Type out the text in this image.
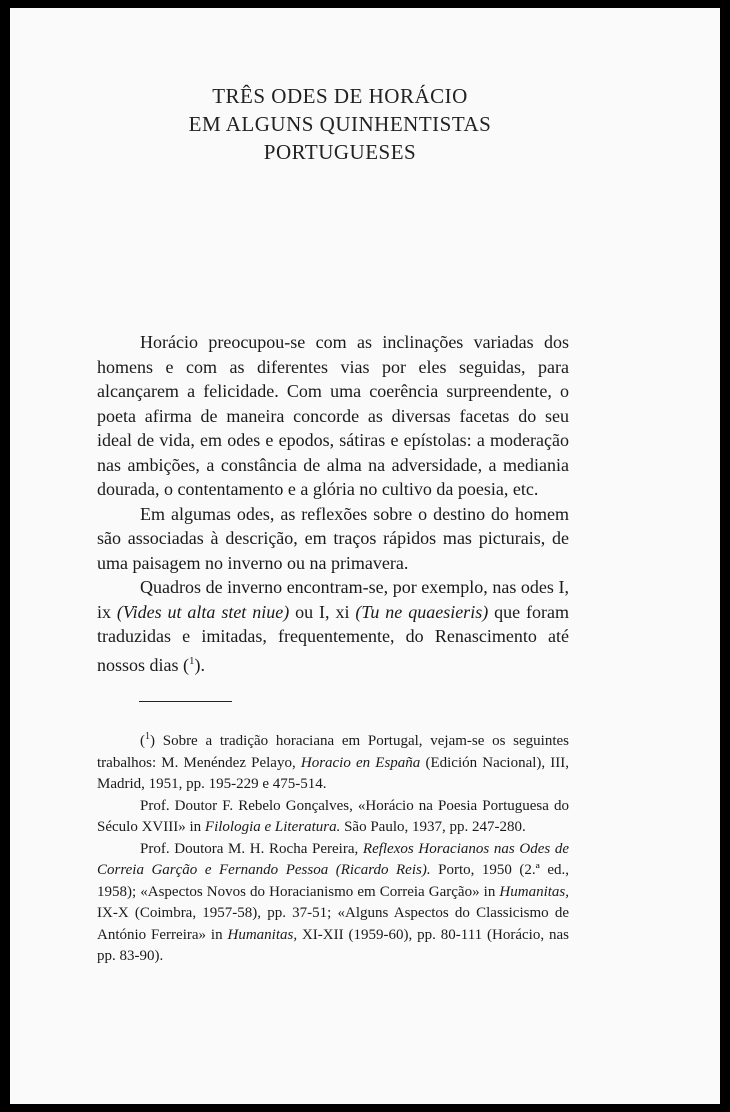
TRÊS ODES DE HORÁCIO
EM ALGUNS QUINHENTISTAS
PORTUGUESES

Horácio preocupou-se com as inclinações variadas dos homens e com as diferentes vias por eles seguidas, para alcançarem a felicidade. Com uma coerência surpreendente, o poeta afirma de maneira concorde as diversas facetas do seu ideal de vida, em odes e epodos, sátiras e epístolas: a moderação nas ambições, a constância de alma na adversidade, a mediania dourada, o contentamento e a glória no cultivo da poesia, etc.

Em algumas odes, as reflexões sobre o destino do homem são associadas à descrição, em traços rápidos mas picturais, de uma paisagem no inverno ou na primavera.

Quadros de inverno encontram-se, por exemplo, nas odes I, ix (Vides ut alta stet niue) ou I, xi (Tu ne quaesieris) que foram traduzidas e imitadas, frequentemente, do Renascimento até nossos dias ($^1$).

($^1$) Sobre a tradição horaciana em Portugal, vejam-se os seguintes trabalhos: M. Menéndez Pelayo, Horacio en España (Edición Nacional), III, Madrid, 1951, pp. 195-229 e 475-514.

Prof. Doutor F. Rebelo Gonçalves, «Horácio na Poesia Portuguesa do Século XVIII» in Filologia e Literatura. São Paulo, 1937, pp. 247-280.

Prof. Doutora M. H. Rocha Pereira, Reflexos Horacianos nas Odes de Correia Garção e Fernando Pessoa (Ricardo Reis). Porto, 1950 (2.ª ed., 1958); «Aspectos Novos do Horacianismo em Correia Garção» in Humanitas, IX-X (Coimbra, 1957-58), pp. 37-51; «Alguns Aspectos do Classicismo de António Ferreira» in Humanitas, XI-XII (1959-60), pp. 80-111 (Horácio, nas pp. 83-90).
